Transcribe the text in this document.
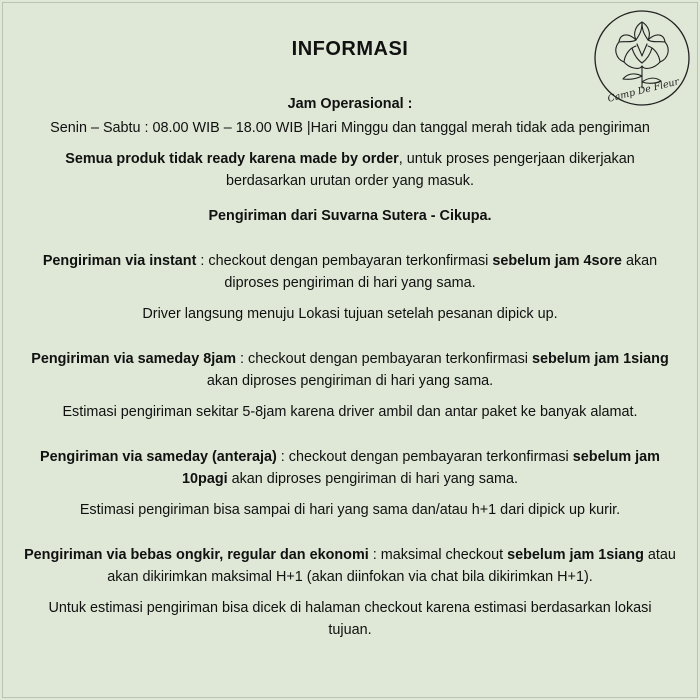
INFORMASI
Camp De Fleur

Jam Operasional :

Senin – Sabtu : 08.00 WIB – 18.00 WIB |Hari Minggu dan tanggal merah tidak ada pengiriman

Semua produk tidak ready karena made by order, untuk proses pengerjaan dikerjakan berdasarkan urutan order yang masuk.

Pengiriman dari Suvarna Sutera - Cikupa.

Pengiriman via instant : checkout dengan pembayaran terkonfirmasi sebelum jam 4sore akan diproses pengiriman di hari yang sama.

Driver langsung menuju Lokasi tujuan setelah pesanan dipick up.

Pengiriman via sameday 8jam : checkout dengan pembayaran terkonfirmasi sebelum jam 1siang akan diproses pengiriman di hari yang sama.

Estimasi pengiriman sekitar 5-8jam karena driver ambil dan antar paket ke banyak alamat.

Pengiriman via sameday (anteraja) : checkout dengan pembayaran terkonfirmasi sebelum jam 10pagi akan diproses pengiriman di hari yang sama.

Estimasi pengiriman bisa sampai di hari yang sama dan/atau h+1 dari dipick up kurir.

Pengiriman via bebas ongkir, regular dan ekonomi : maksimal checkout sebelum jam 1siang atau akan dikirimkan maksimal H+1 (akan diinfokan via chat bila dikirimkan H+1).

Untuk estimasi pengiriman bisa dicek di halaman checkout karena estimasi berdasarkan lokasi tujuan.
